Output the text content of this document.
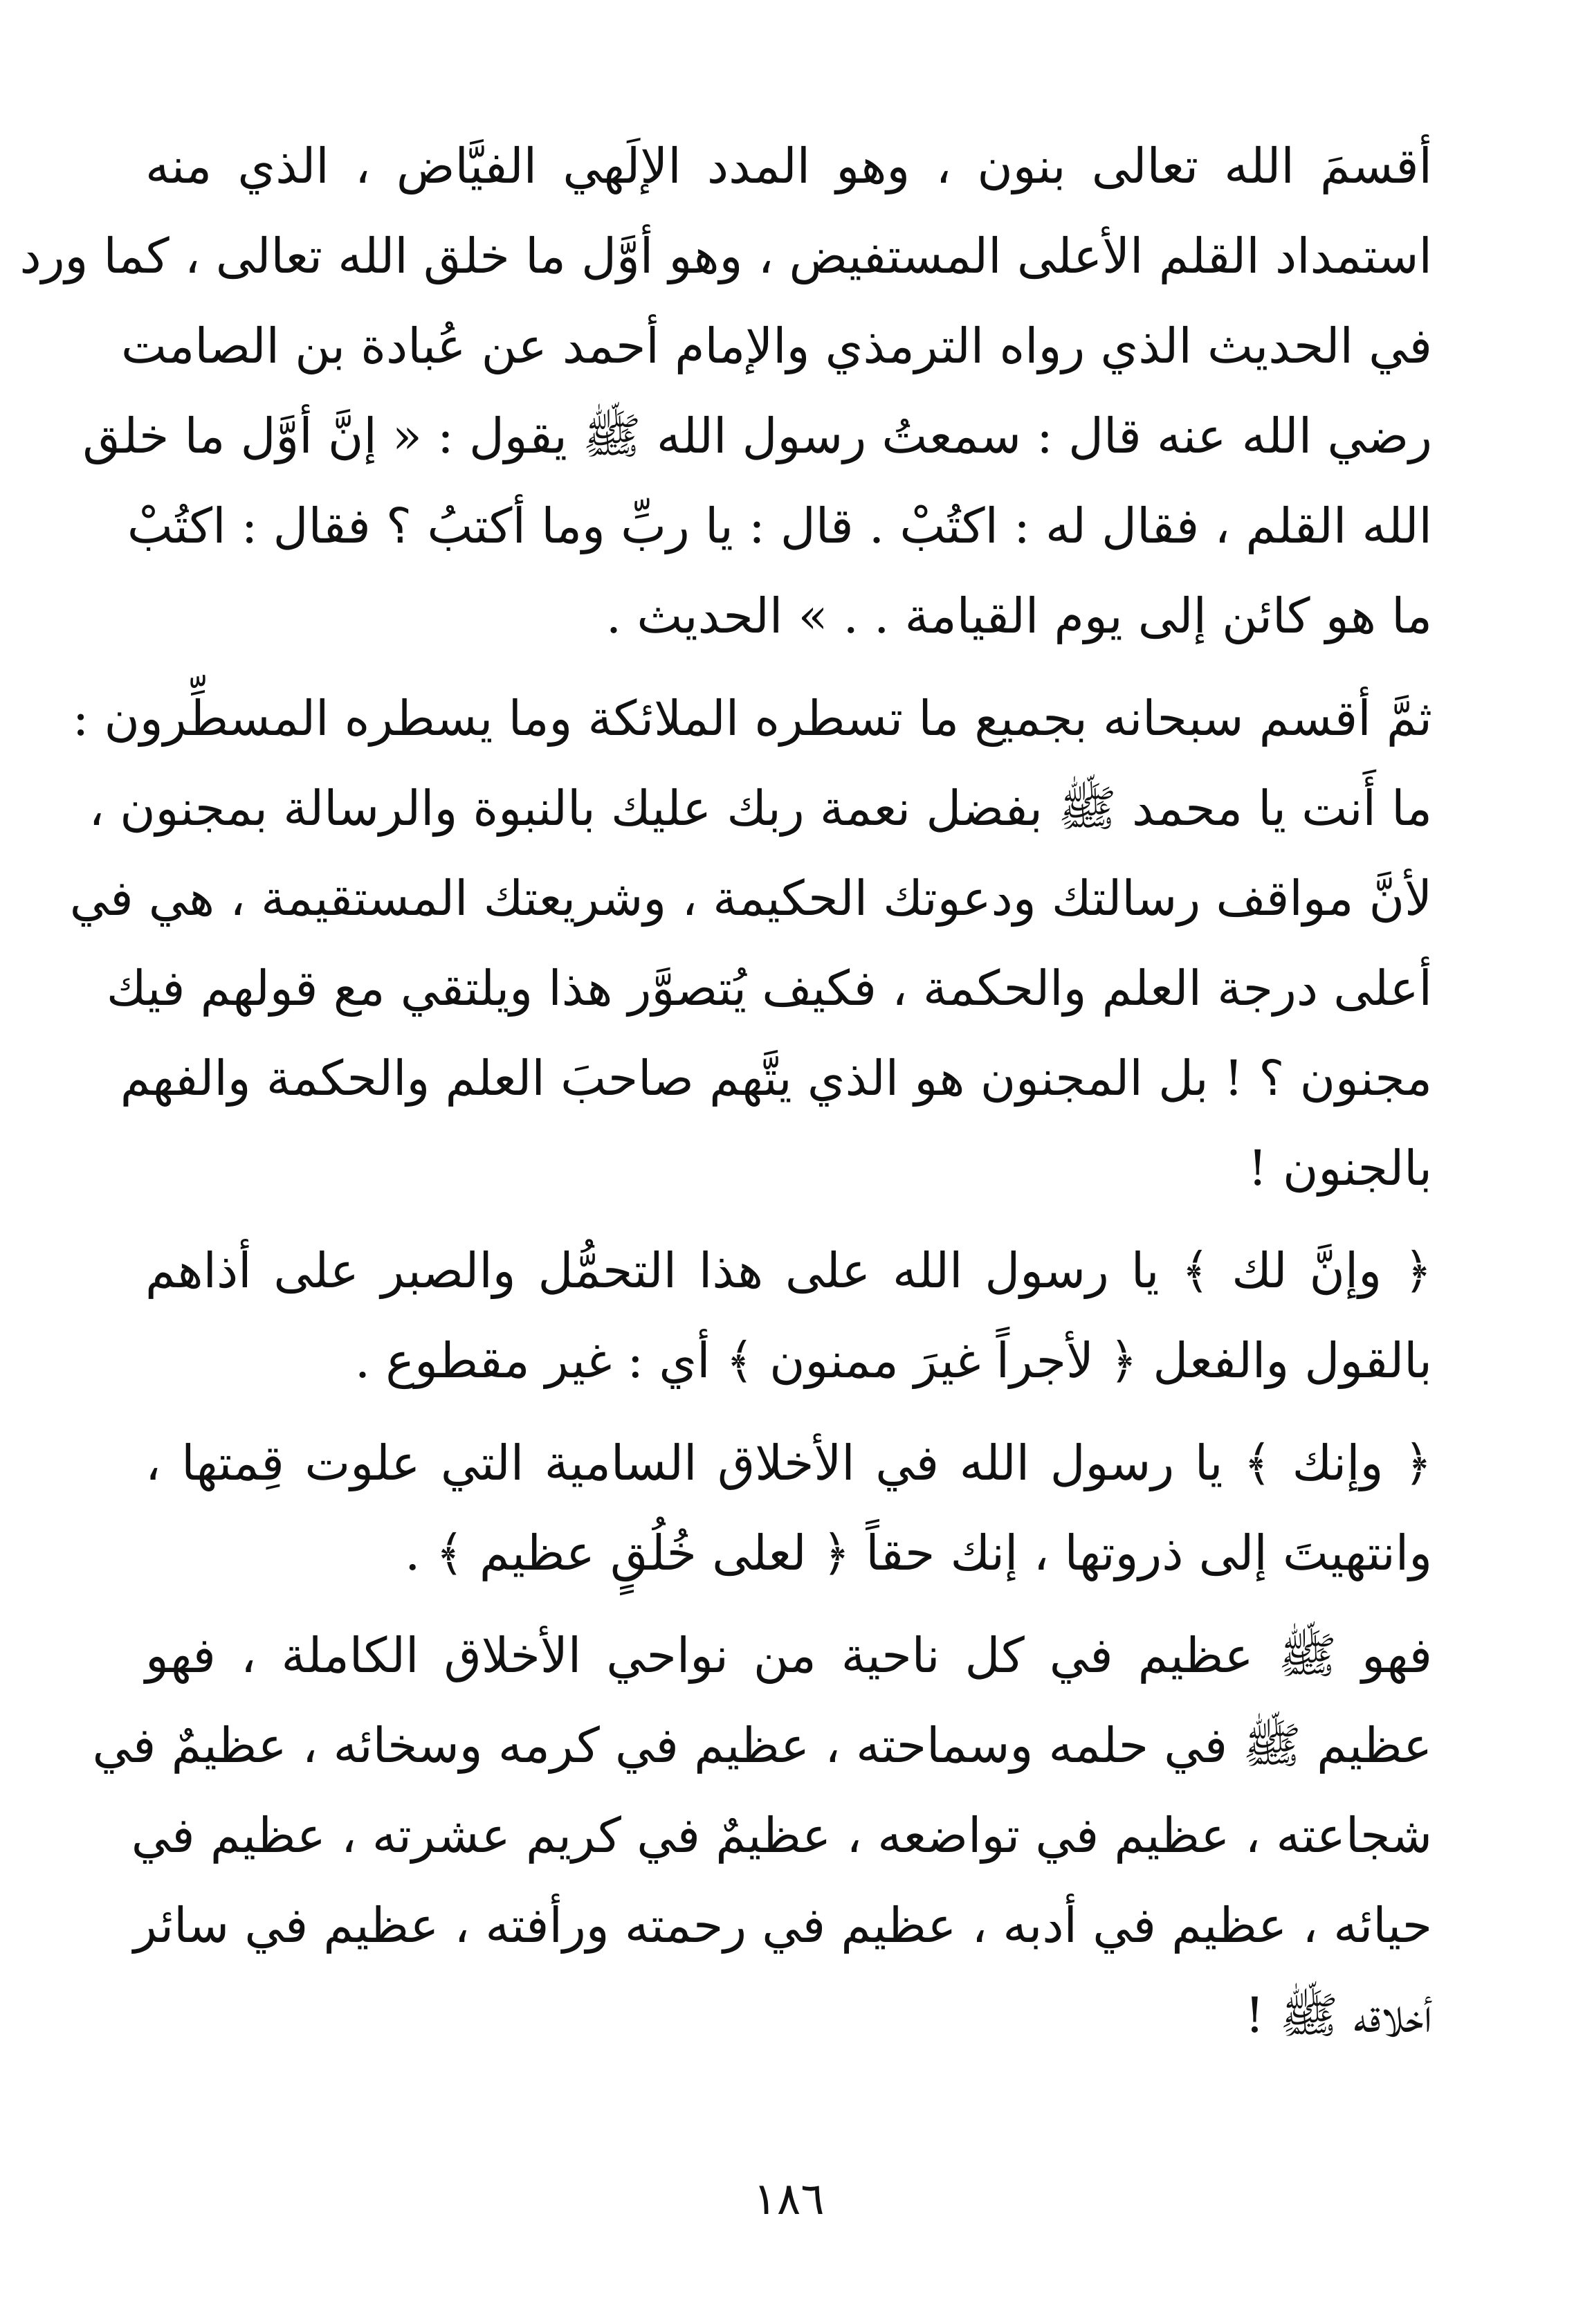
أقسمَ الله تعالى بنون ، وهو المدد الإلَهي الفيَّاض ، الذي منه
استمداد القلم الأعلى المستفيض ، وهو أوَّل ما خلق الله تعالى ، كما ورد
في الحديث الذي رواه الترمذي والإمام أحمد عن عُبادة بن الصامت
رضي الله عنه قال : سمعتُ رسول الله ﷺ يقول : « إنَّ أوَّل ما خلق
الله القلم ، فقال له : اكتُبْ . قال : يا ربِّ وما أكتبُ ؟ فقال : اكتُبْ
ما هو كائن إلى يوم القيامة . . » الحديث .

ثمَّ أقسم سبحانه بجميع ما تسطره الملائكة وما يسطره المسطِّرون :
ما أَنت يا محمد ﷺ بفضل نعمة ربك عليك بالنبوة والرسالة بمجنون ،
لأنَّ مواقف رسالتك ودعوتك الحكيمة ، وشريعتك المستقيمة ، هي في
أعلى درجة العلم والحكمة ، فكيف يُتصوَّر هذا ويلتقي مع قولهم فيك
مجنون ؟ ! بل المجنون هو الذي يتَّهم صاحبَ العلم والحكمة والفهم
بالجنون !

﴿ وإنَّ لك ﴾ يا رسول الله على هذا التحمُّل والصبر على أذاهم
بالقول والفعل ﴿ لأجراً غيرَ ممنون ﴾ أي : غير مقطوع .

﴿ وإنك ﴾ يا رسول الله في الأخلاق السامية التي علوت قِمتها ،
وانتهيتَ إلى ذروتها ، إنك حقاً ﴿ لعلى خُلُقٍ عظيم ﴾ .

فهو ﷺ عظيم في كل ناحية من نواحي الأخلاق الكاملة ، فهو
عظيم ﷺ في حلمه وسماحته ، عظيم في كرمه وسخائه ، عظيمٌ في
شجاعته ، عظيم في تواضعه ، عظيمٌ في كريم عشرته ، عظيم في
حيائه ، عظيم في أدبه ، عظيم في رحمته ورأفته ، عظيم في سائر
أخلاقه ﷺ !

١٨٦
